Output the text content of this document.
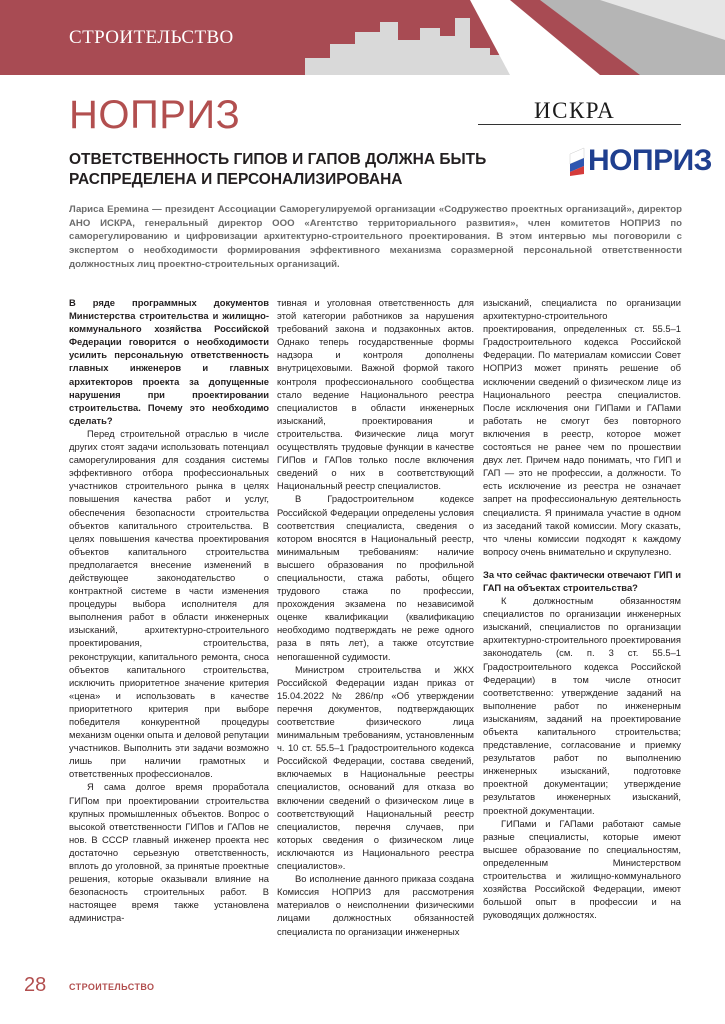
СТРОИТЕЛЬСТВО
НОПРИЗ
ОТВЕТСТВЕННОСТЬ ГИПОВ И ГАПОВ ДОЛЖНА БЫТЬ РАСПРЕДЕЛЕНА И ПЕРСОНАЛИЗИРОВАНА
ИСКРА
НОПРИЗ
Лариса Еремина — президент Ассоциации Саморегулируемой организации «Содружество проектных организаций», директор АНО ИСКРА, генеральный директор ООО «Агентство территориального развития», член комитетов НОПРИЗ по саморегулированию и цифровизации архитектурно-строительного проектирования. В этом интервью мы поговорили с экспертом о необходимости формирования эффективного механизма соразмерной персональной ответственности должностных лиц проектно-строительных организаций.

В ряде программных документов Министерства строительства и жилищно-коммунального хозяйства Российской Федерации говорится о необходимости усилить персональную ответственность главных инженеров и главных архитекторов проекта за допущенные нарушения при проектировании строительства. Почему это необходимо сделать?

Перед строительной отраслью в числе других стоят задачи использовать потенциал саморегулирования для создания системы эффективного отбора профессиональных участников строительного рынка в целях повышения качества работ и услуг, обеспечения безопасности строительства объектов капитального строительства. В целях повышения качества проектирования объектов капитального строительства предполагается внесение изменений в действующее законодательство о контрактной системе в части изменения процедуры выбора исполнителя для выполнения работ в области инженерных изысканий, архитектурно-строительного проектирования, строительства, реконструкции, капитального ремонта, сноса объектов капитального строительства, исключить приоритетное значение критерия «цена» и использовать в качестве приоритетного критерия при выборе победителя конкурентной процедуры механизм оценки опыта и деловой репутации участников. Выполнить эти задачи возможно лишь при наличии грамотных и ответственных профессионалов.

Я сама долгое время проработала ГИПом при проектировании строительства крупных промышленных объектов. Вопрос о высокой ответственности ГИПов и ГАПов не нов. В СССР главный инженер проекта нес достаточно серьезную ответственность, вплоть до уголовной, за принятые проектные решения, которые оказывали влияние на безопасность строительных работ. В настоящее время также установлена администра-

тивная и уголовная ответственность для этой категории работников за нарушения требований закона и подзаконных актов. Однако теперь государственные формы надзора и контроля дополнены внутрицеховыми. Важной формой такого контроля профессионального сообщества стало ведение Национального реестра специалистов в области инженерных изысканий, проектирования и строительства. Физические лица могут осуществлять трудовые функции в качестве ГИПов и ГАПов только после включения сведений о них в соответствующий Национальный реестр специалистов.

В Градостроительном кодексе Российской Федерации определены условия соответствия специалиста, сведения о котором вносятся в Национальный реестр, минимальным требованиям: наличие высшего образования по профильной специальности, стажа работы, общего трудового стажа по профессии, прохождения экзамена по независимой оценке квалификации (квалификацию необходимо подтверждать не реже одного раза в пять лет), а также отсутствие непогашенной судимости.

Министром строительства и ЖКХ Российской Федерации издан приказ от 15.04.2022 № 286/пр «Об утверждении перечня документов, подтверждающих соответствие физического лица минимальным требованиям, установленным ч. 10 ст. 55.5–1 Градостроительного кодекса Российской Федерации, состава сведений, включаемых в Национальные реестры специалистов, оснований для отказа во включении сведений о физическом лице в соответствующий Национальный реестр специалистов, перечня случаев, при которых сведения о физическом лице исключаются из Национального реестра специалистов».

Во исполнение данного приказа создана Комиссия НОПРИЗ для рассмотрения материалов о неисполнении физическими лицами должностных обязанностей специалиста по организации инженерных

изысканий, специалиста по организации архитектурно-строительного проектирования, определенных ст. 55.5–1 Градостроительного кодекса Российской Федерации. По материалам комиссии Совет НОПРИЗ может принять решение об исключении сведений о физическом лице из Национального реестра специалистов. После исключения они ГИПами и ГАПами работать не смогут без повторного включения в реестр, которое может состояться не ранее чем по прошествии двух лет. Причем надо понимать, что ГИП и ГАП — это не профессии, а должности. То есть исключение из реестра не означает запрет на профессиональную деятельность специалиста. Я принимала участие в одном из заседаний такой комиссии. Могу сказать, что члены комиссии подходят к каждому вопросу очень внимательно и скрупулезно.

За что сейчас фактически отвечают ГИП и ГАП на объектах строительства?

К должностным обязанностям специалистов по организации инженерных изысканий, специалистов по организации архитектурно-строительного проектирования законодатель (см. п. 3 ст. 55.5–1 Градостроительного кодекса Российской Федерации) в том числе относит соответственно: утверждение заданий на выполнение работ по инженерным изысканиям, заданий на проектирование объекта капитального строительства; представление, согласование и приемку результатов работ по выполнению инженерных изысканий, подготовке проектной документации; утверждение результатов инженерных изысканий, проектной документации.

ГИПами и ГАПами работают самые разные специалисты, которые имеют высшее образование по специальностям, определенным Министерством строительства и жилищно-коммунального хозяйства Российской Федерации, имеют большой опыт в профессии и на руководящих должностях.

28	СТРОИТЕЛЬСТВО
